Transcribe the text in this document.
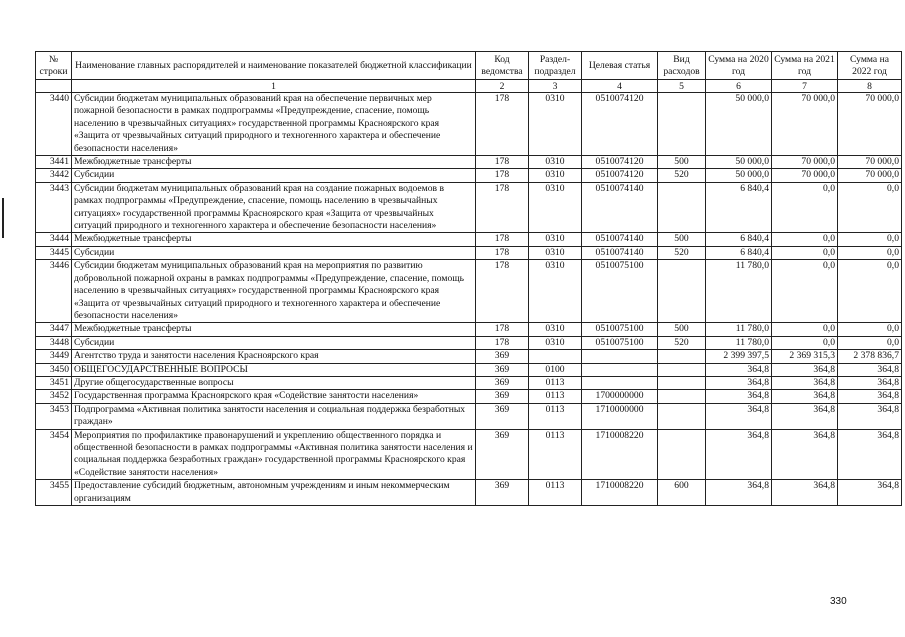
№ строки	Наименование главных распорядителей и наименование показателей бюджетной классификации	Код ведомства	Раздел-подраздел	Целевая статья	Вид расходов	Сумма на 2020 год	Сумма на 2021 год	Сумма на 2022 год
	1	2	3	4	5	6	7	8
3440	Субсидии бюджетам муниципальных образований края на обеспечение первичных мер пожарной безопасности в рамках подпрограммы «Предупреждение, спасение, помощь населению в чрезвычайных ситуациях» государственной программы Красноярского края «Защита от чрезвычайных ситуаций природного и техногенного характера и обеспечение безопасности населения»	178	0310	0510074120		50 000,0	70 000,0	70 000,0
3441	Межбюджетные трансферты	178	0310	0510074120	500	50 000,0	70 000,0	70 000,0
3442	Субсидии	178	0310	0510074120	520	50 000,0	70 000,0	70 000,0
3443	Субсидии бюджетам муниципальных образований края на создание пожарных водоемов в рамках подпрограммы «Предупреждение, спасение, помощь населению в чрезвычайных ситуациях» государственной программы Красноярского края «Защита от чрезвычайных ситуаций природного и техногенного характера и обеспечение безопасности населения»	178	0310	0510074140		6 840,4	0,0	0,0
3444	Межбюджетные трансферты	178	0310	0510074140	500	6 840,4	0,0	0,0
3445	Субсидии	178	0310	0510074140	520	6 840,4	0,0	0,0
3446	Субсидии бюджетам муниципальных образований края на мероприятия по развитию добровольной пожарной охраны в рамках подпрограммы «Предупреждение, спасение, помощь населению в чрезвычайных ситуациях» государственной программы Красноярского края «Защита от чрезвычайных ситуаций природного и техногенного характера и обеспечение безопасности населения»	178	0310	0510075100		11 780,0	0,0	0,0
3447	Межбюджетные трансферты	178	0310	0510075100	500	11 780,0	0,0	0,0
3448	Субсидии	178	0310	0510075100	520	11 780,0	0,0	0,0
3449	Агентство труда и занятости населения Красноярского края	369				2 399 397,5	2 369 315,3	2 378 836,7
3450	ОБЩЕГОСУДАРСТВЕННЫЕ ВОПРОСЫ	369	0100			364,8	364,8	364,8
3451	Другие общегосударственные вопросы	369	0113			364,8	364,8	364,8
3452	Государственная программа Красноярского края «Содействие занятости населения»	369	0113	1700000000		364,8	364,8	364,8
3453	Подпрограмма «Активная политика занятости населения и социальная поддержка безработных граждан»	369	0113	1710000000		364,8	364,8	364,8
3454	Мероприятия по профилактике правонарушений и укреплению общественного порядка и общественной безопасности в рамках подпрограммы «Активная политика занятости населения и социальная поддержка безработных граждан» государственной программы Красноярского края «Содействие занятости населения»	369	0113	1710008220		364,8	364,8	364,8
3455	Предоставление субсидий бюджетным, автономным учреждениям и иным некоммерческим организациям	369	0113	1710008220	600	364,8	364,8	364,8
330
